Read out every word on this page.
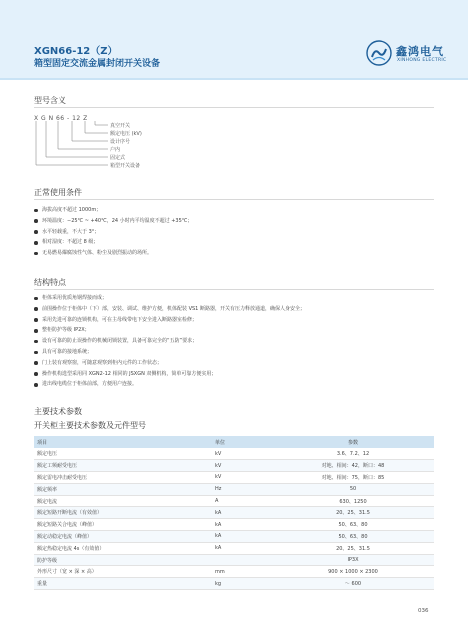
XGN66-12（Z）
箱型固定交流金属封闭开关设备
鑫鸿电气
XINHONG ELECTRIC
型号含义
X G N 66 - 12 Z
真空开关
额定电压 (kV)
设计序号
户内
固定式
箱型开关设备
正常使用条件
海拔高度不超过 1000m；
环境温度：−25℃ ~ +40℃，24 小时内平均温度不超过 +35℃；
水平轻载重，不大于 3°；
相对湿度：不超过 8 级；
无易燃易爆腐蚀性气体、粉尘及剧烈振动的场所。
结构特点
柜体采用优质角钢焊接而成；
前围操作位于柜体中（下）部，安装、调试、维护方便，机体配装 VS1 断路器，开关有压力释放通道，确保人身安全；
采用先进可靠的连锁机构，可在主母线带电下安全进入断路器室检修；
整柜防护等级 IP2X；
设有可靠的防止误操作的机械闭锁装置，具备可靠完全的“五防”要求；
具有可靠的接地系统；
门上装有观察窗，可随意观察到柜内元件的工作状态；
操作机构选型采用同 XGN2-12 相同的 JSXGN 双侧机构，简单可靠方便实用；
进出线电缆位于柜体前部，方便用户连接。
主要技术参数
开关柜主要技术参数及元件型号
项目	单位	参数
额定电压	kV	3.6、7.2、12
额定工频耐受电压	kV	对地、相间：42，断口：48
额定雷电冲击耐受电压	kV	对地、相间：75，断口：85
额定频率	Hz	50
额定电流	A	630、1250
额定短路开断电流（有效值）	kA	20、25、31.5
额定短路关合电流（峰值）	kA	50、63、80
额定动稳定电流（峰值）	kA	50、63、80
额定热稳定电流 4s（有效值）	kA	20、25、31.5
防护等级		IP3X
外形尺寸（宽 × 深 × 高）	mm	900 × 1000 × 2300
重量	kg	～ 600
036
